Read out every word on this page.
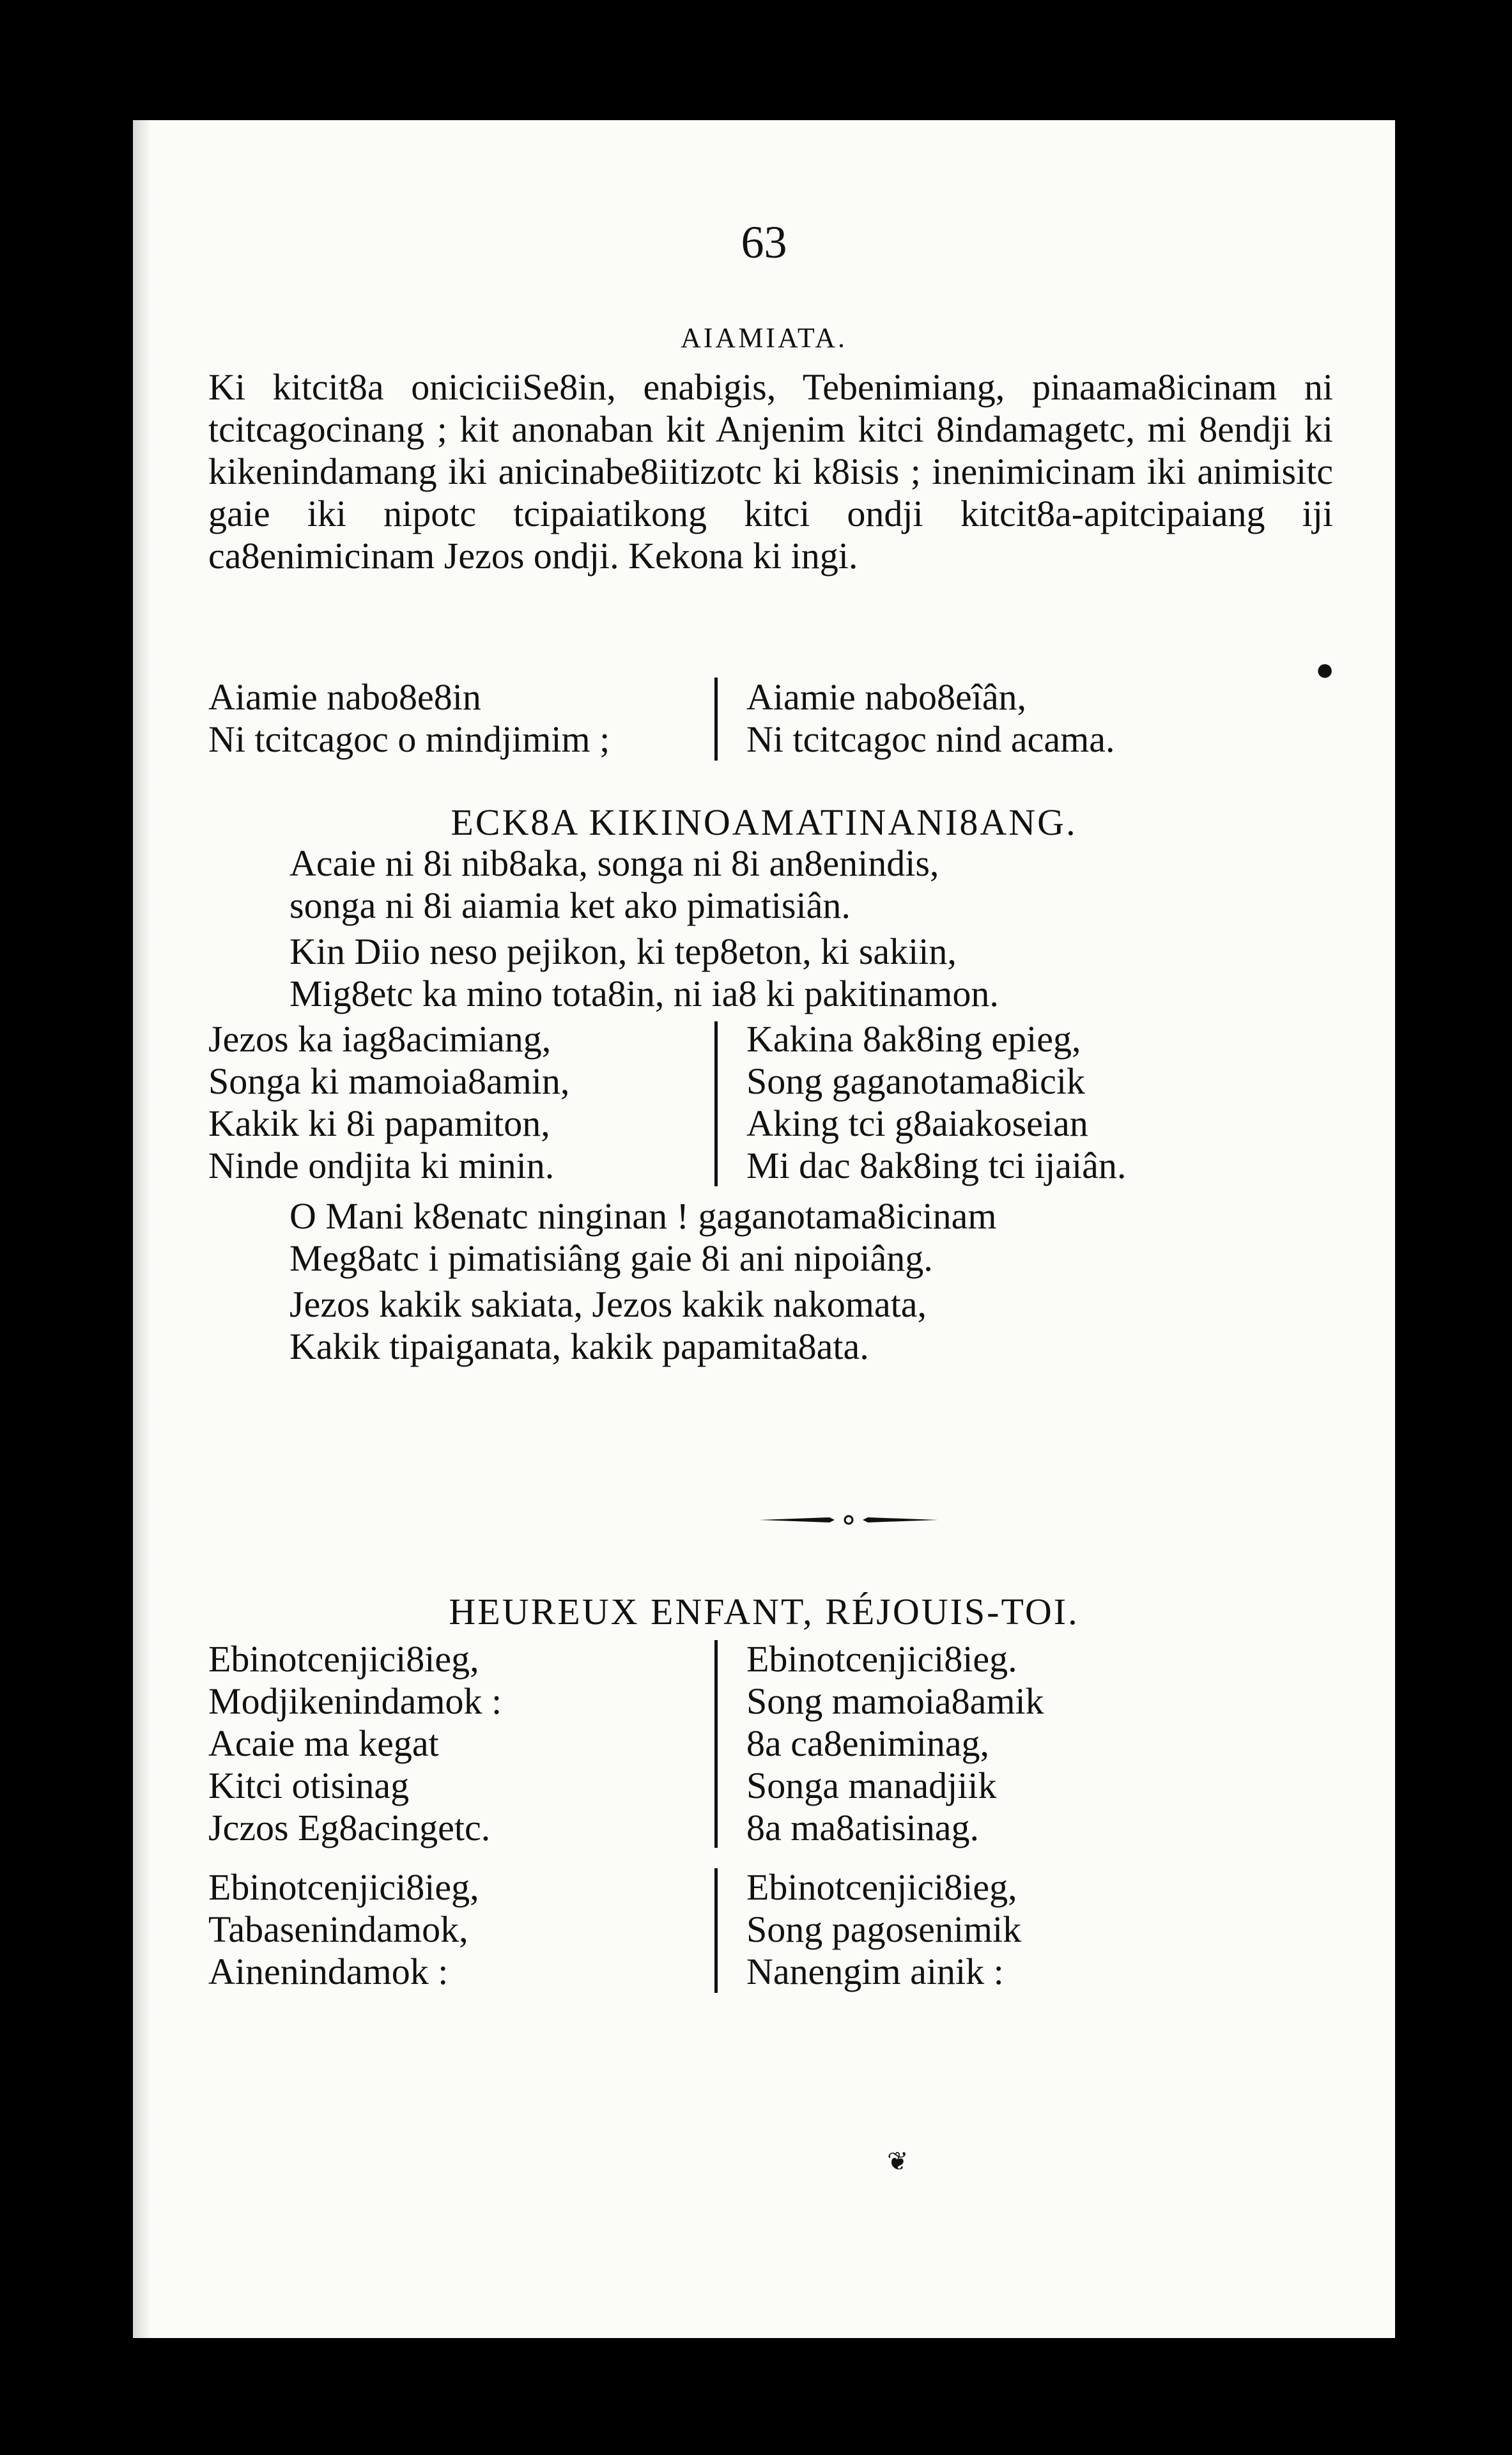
63
AIAMIATA.
Ki kitcit8a oniciciiSe8in, enabigis, Tebenimiang, pinaama8icinam ni tcitcagocinang ; kit anonaban kit Anjenim kitci 8indamagetc, mi 8endji ki kikenindamang iki anicinabe8iitizotc ki k8isis ; inenimicinam iki animisitc gaie iki nipotc tcipaiatikong kitci ondji kitcit8a-apitcipaiang iji ca8enimicinam Jezos ondji. Kekona ki ingi.
Aiamie nabo8e8in
Ni tcitcagoc o mindjimim ;
Aiamie nabo8eîân,
Ni tcitcagoc nind acama.
ECK8A KIKINOAMATINANI8ANG.
Acaie ni 8i nib8aka, songa ni 8i an8enindis,
songa ni 8i aiamia ket ako pimatisiân.
Kin Diio neso pejikon, ki tep8eton, ki sakiin,
Mig8etc ka mino tota8in, ni ia8 ki pakitinamon.
Jezos ka iag8acimiang,
Songa ki mamoia8amin,
Kakik ki 8i papamiton,
Ninde ondjita ki minin.
Kakina 8ak8ing epieg,
Song gaganotama8icik
Aking tci g8aiakoseian
Mi dac 8ak8ing tci ijaiân.
O Mani k8enatc ninginan ! gaganotama8icinam
Meg8atc i pimatisiâng gaie 8i ani nipoiâng.
Jezos kakik sakiata, Jezos kakik nakomata,
Kakik tipaiganata, kakik papamita8ata.
HEUREUX ENFANT, RÉJOUIS-TOI.
Ebinotcenjici8ieg,
Modjikenindamok :
Acaie ma kegat
Kitci otisinag
Jczos Eg8acingetc.
Ebinotcenjici8ieg.
Song mamoia8amik
8a ca8eniminag,
Songa manadjiik
8a ma8atisinag.
Ebinotcenjici8ieg,
Tabasenindamok,
Ainenindamok :
Ebinotcenjici8ieg,
Song pagosenimik
Nanengim ainik :
●
❦
